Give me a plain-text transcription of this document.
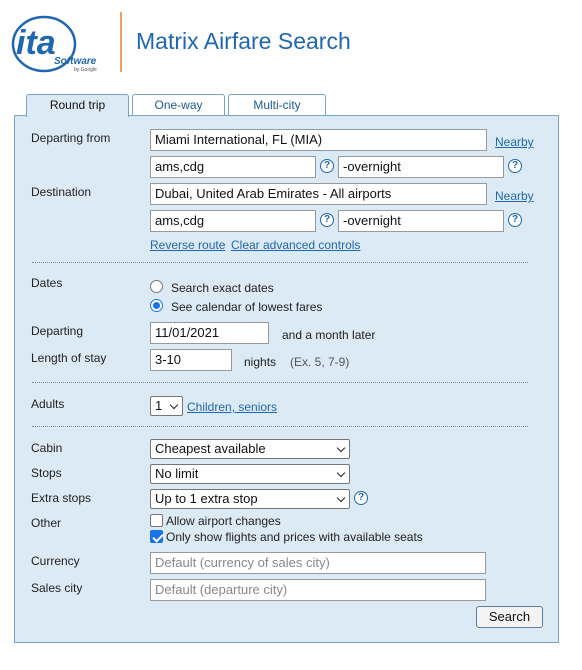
ita
Software
by Google
Matrix Airfare Search
Round trip	One-way	Multi-city
Departing from	Miami International, FL (MIA)	Nearby
ams,cdg	? -overnight	?
Destination	Dubai, United Arab Emirates - All airports	Nearby
ams,cdg	? -overnight	?
Reverse route Clear advanced controls
Dates	Search exact dates
See calendar of lowest fares
Departing	11/01/2021	and a month later
Length of stay	3-10	nights (Ex. 5, 7-9)
Adults	1	Children, seniors
Cabin	Cheapest available
Stops	No limit
Extra stops	Up to 1 extra stop	?
Other	Allow airport changes
Only show flights and prices with available seats
Currency	Default (currency of sales city)
Sales city	Default (departure city)
Search
